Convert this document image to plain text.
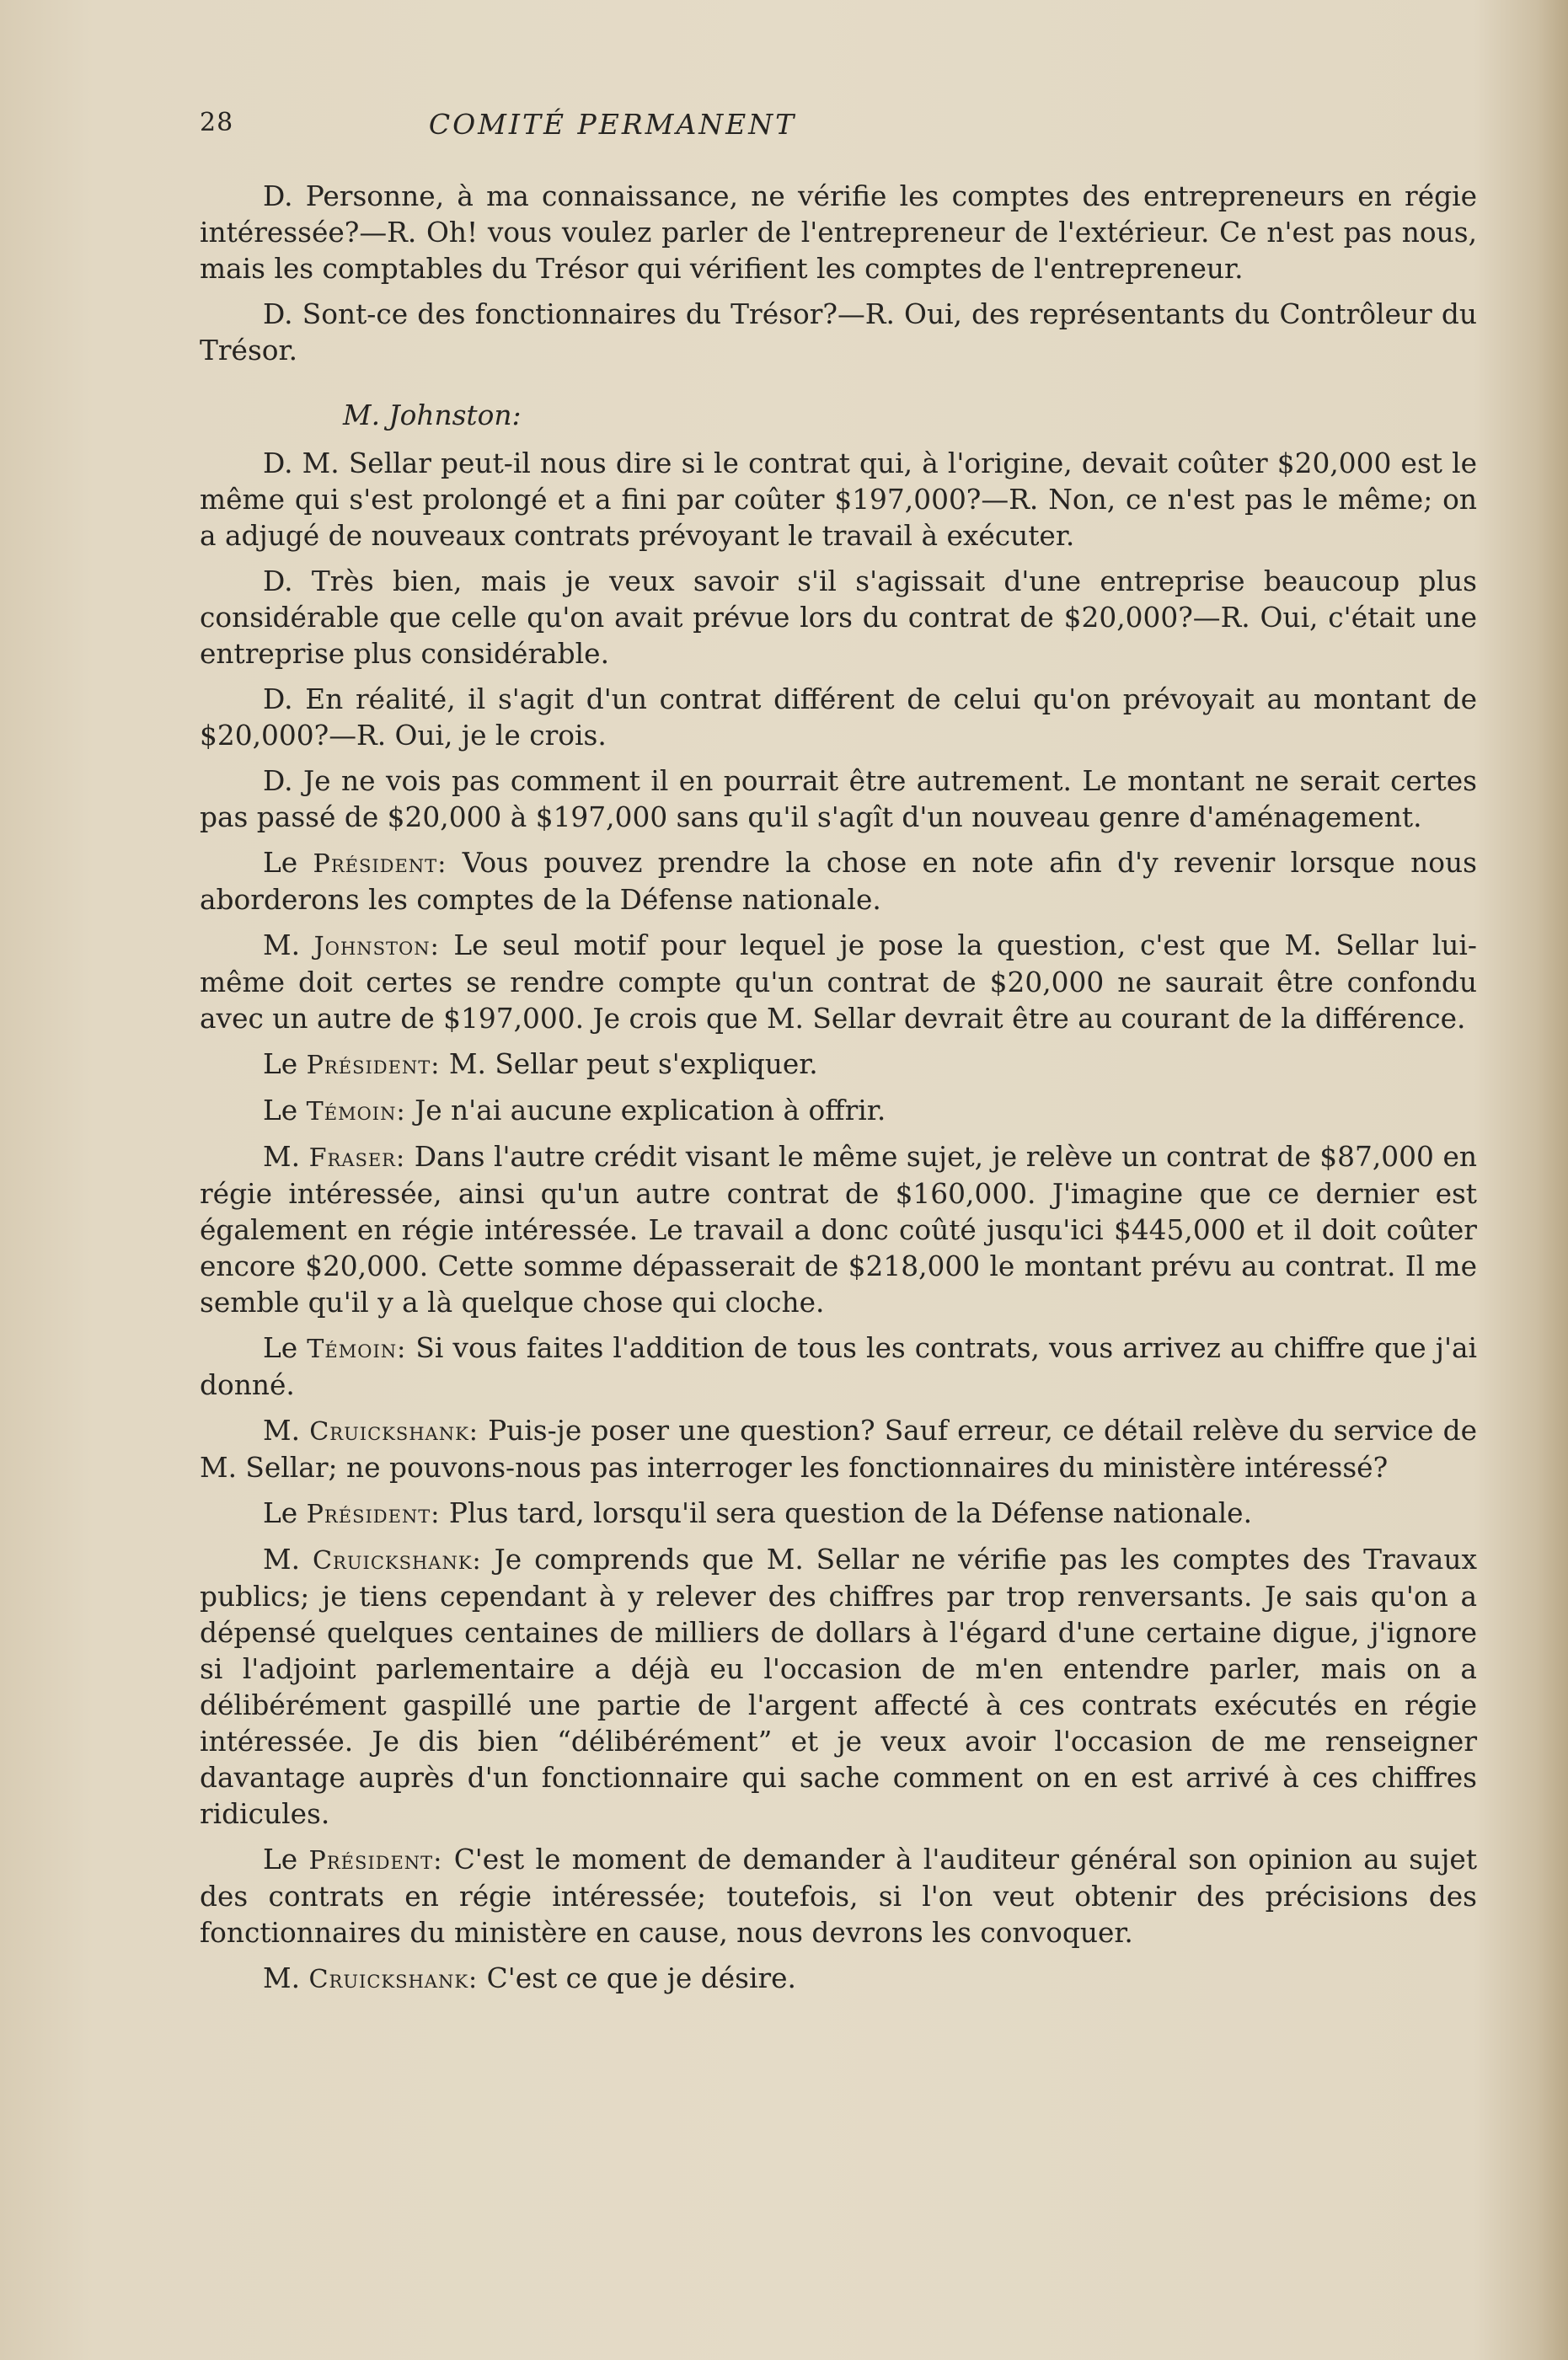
28	COMITÉ PERMANENT

D. Personne, à ma connaissance, ne vérifie les comptes des entrepreneurs en régie intéressée?—R. Oh! vous voulez parler de l'entrepreneur de l'extérieur. Ce n'est pas nous, mais les comptables du Trésor qui vérifient les comptes de l'entrepreneur.

D. Sont-ce des fonctionnaires du Trésor?—R. Oui, des représentants du Contrôleur du Trésor.

M. Johnston:

D. M. Sellar peut-il nous dire si le contrat qui, à l'origine, devait coûter $20,000 est le même qui s'est prolongé et a fini par coûter $197,000?—R. Non, ce n'est pas le même; on a adjugé de nouveaux contrats prévoyant le travail à exécuter.

D. Très bien, mais je veux savoir s'il s'agissait d'une entreprise beaucoup plus considérable que celle qu'on avait prévue lors du contrat de $20,000?—R. Oui, c'était une entreprise plus considérable.

D. En réalité, il s'agit d'un contrat différent de celui qu'on prévoyait au montant de $20,000?—R. Oui, je le crois.

D. Je ne vois pas comment il en pourrait être autrement. Le montant ne serait certes pas passé de $20,000 à $197,000 sans qu'il s'agît d'un nouveau genre d'aménagement.

Le Président: Vous pouvez prendre la chose en note afin d'y revenir lorsque nous aborderons les comptes de la Défense nationale.

M. Johnston: Le seul motif pour lequel je pose la question, c'est que M. Sellar lui-même doit certes se rendre compte qu'un contrat de $20,000 ne saurait être confondu avec un autre de $197,000. Je crois que M. Sellar devrait être au courant de la différence.

Le Président: M. Sellar peut s'expliquer.

Le Témoin: Je n'ai aucune explication à offrir.

M. Fraser: Dans l'autre crédit visant le même sujet, je relève un contrat de $87,000 en régie intéressée, ainsi qu'un autre contrat de $160,000. J'imagine que ce dernier est également en régie intéressée. Le travail a donc coûté jusqu'ici $445,000 et il doit coûter encore $20,000. Cette somme dépasserait de $218,000 le montant prévu au contrat. Il me semble qu'il y a là quelque chose qui cloche.

Le Témoin: Si vous faites l'addition de tous les contrats, vous arrivez au chiffre que j'ai donné.

M. Cruickshank: Puis-je poser une question? Sauf erreur, ce détail relève du service de M. Sellar; ne pouvons-nous pas interroger les fonctionnaires du ministère intéressé?

Le Président: Plus tard, lorsqu'il sera question de la Défense nationale.

M. Cruickshank: Je comprends que M. Sellar ne vérifie pas les comptes des Travaux publics; je tiens cependant à y relever des chiffres par trop renversants. Je sais qu'on a dépensé quelques centaines de milliers de dollars à l'égard d'une certaine digue, j'ignore si l'adjoint parlementaire a déjà eu l'occasion de m'en entendre parler, mais on a délibérément gaspillé une partie de l'argent affecté à ces contrats exécutés en régie intéressée. Je dis bien “délibérément” et je veux avoir l'occasion de me renseigner davantage auprès d'un fonctionnaire qui sache comment on en est arrivé à ces chiffres ridicules.

Le Président: C'est le moment de demander à l'auditeur général son opinion au sujet des contrats en régie intéressée; toutefois, si l'on veut obtenir des précisions des fonctionnaires du ministère en cause, nous devrons les convoquer.

M. Cruickshank: C'est ce que je désire.
